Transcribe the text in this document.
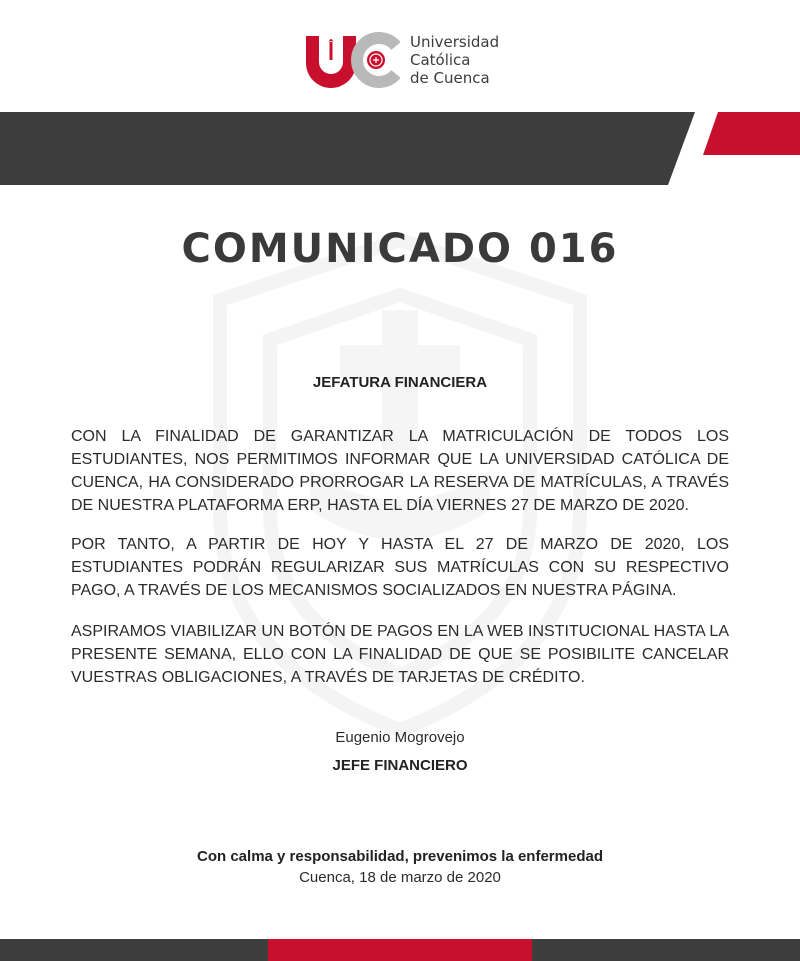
Universidad
Católica
de Cuenca
COMUNICADO 016
JEFATURA FINANCIERA

CON LA FINALIDAD DE GARANTIZAR LA MATRICULACIÓN DE TODOS LOS ESTUDIANTES, NOS PERMITIMOS INFORMAR QUE LA UNIVERSIDAD CATÓLICA DE CUENCA, HA CONSIDERADO PRORROGAR LA RESERVA DE MATRÍCULAS, A TRAVÉS DE NUESTRA PLATAFORMA ERP, HASTA EL DÍA VIERNES 27 DE MARZO DE 2020.

POR TANTO, A PARTIR DE HOY Y HASTA EL 27 DE MARZO DE 2020, LOS ESTUDIANTES PODRÁN REGULARIZAR SUS MATRÍCULAS CON SU RESPECTIVO PAGO, A TRAVÉS DE LOS MECANISMOS SOCIALIZADOS EN NUESTRA PÁGINA.

ASPIRAMOS VIABILIZAR UN BOTÓN DE PAGOS EN LA WEB INSTITUCIONAL HASTA LA PRESENTE SEMANA, ELLO CON LA FINALIDAD DE QUE SE POSIBILITE CANCELAR VUESTRAS OBLIGACIONES, A TRAVÉS DE TARJETAS DE CRÉDITO.

Eugenio Mogrovejo
JEFE FINANCIERO
Con calma y responsabilidad, prevenimos la enfermedad
Cuenca, 18 de marzo de 2020
